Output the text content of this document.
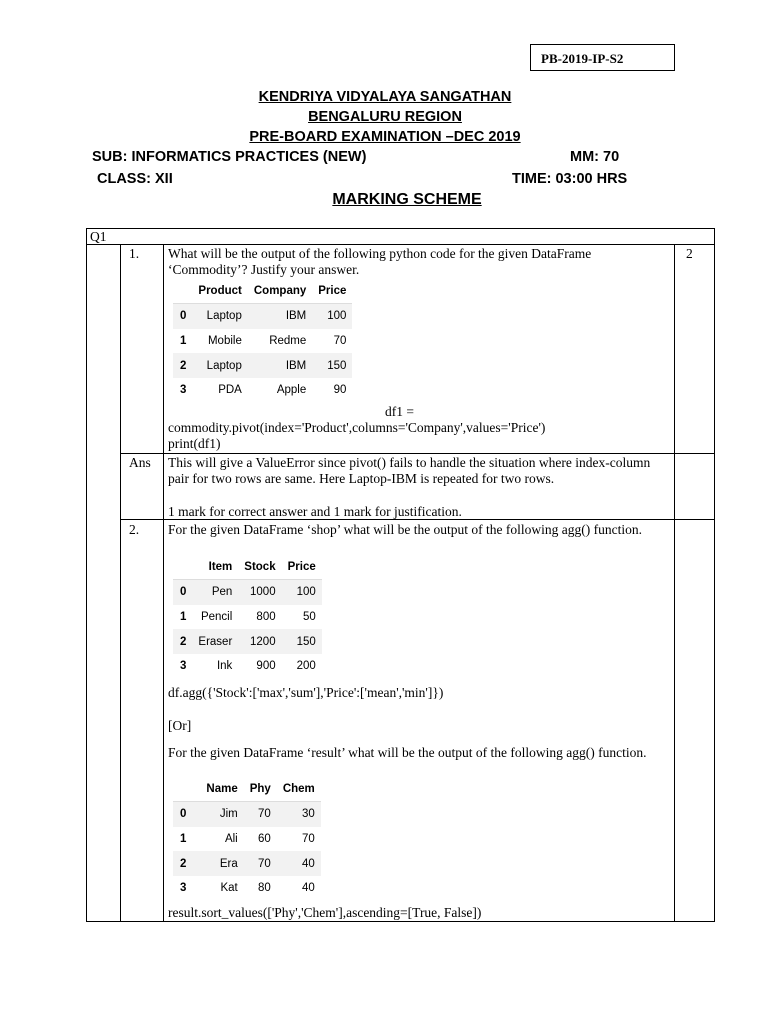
PB-2019-IP-S2
KENDRIYA VIDYALAYA SANGATHAN
BENGALURU REGION
PRE-BOARD EXAMINATION –DEC 2019
SUB: INFORMATICS PRACTICES (NEW)	MM: 70
CLASS: XII	TIME: 03:00 HRS
MARKING SCHEME
Q1
1. What will be the output of the following python code for the given DataFrame ‘Commodity’? Justify your answer.
2
	Product	Company	Price
0	Laptop	IBM	100
1	Mobile	Redme	70
2	Laptop	IBM	150
3	PDA	Apple	90
df1 =
commodity.pivot(index='Product',columns='Company',values='Price')
print(df1)
Ans This will give a ValueError since pivot() fails to handle the situation where index-column pair for two rows are same. Here Laptop-IBM is repeated for two rows.
1 mark for correct answer and 1 mark for justification.
2. For the given DataFrame ‘shop’ what will be the output of the following agg() function.
	Item	Stock	Price
0	Pen	1000	100
1	Pencil	800	50
2	Eraser	1200	150
3	Ink	900	200
df.agg({'Stock':['max','sum'],'Price':['mean','min']})
[Or]
For the given DataFrame ‘result’ what will be the output of the following agg() function.
	Name	Phy	Chem
0	Jim	70	30
1	Ali	60	70
2	Era	70	40
3	Kat	80	40
result.sort_values(['Phy','Chem'],ascending=[True, False])
